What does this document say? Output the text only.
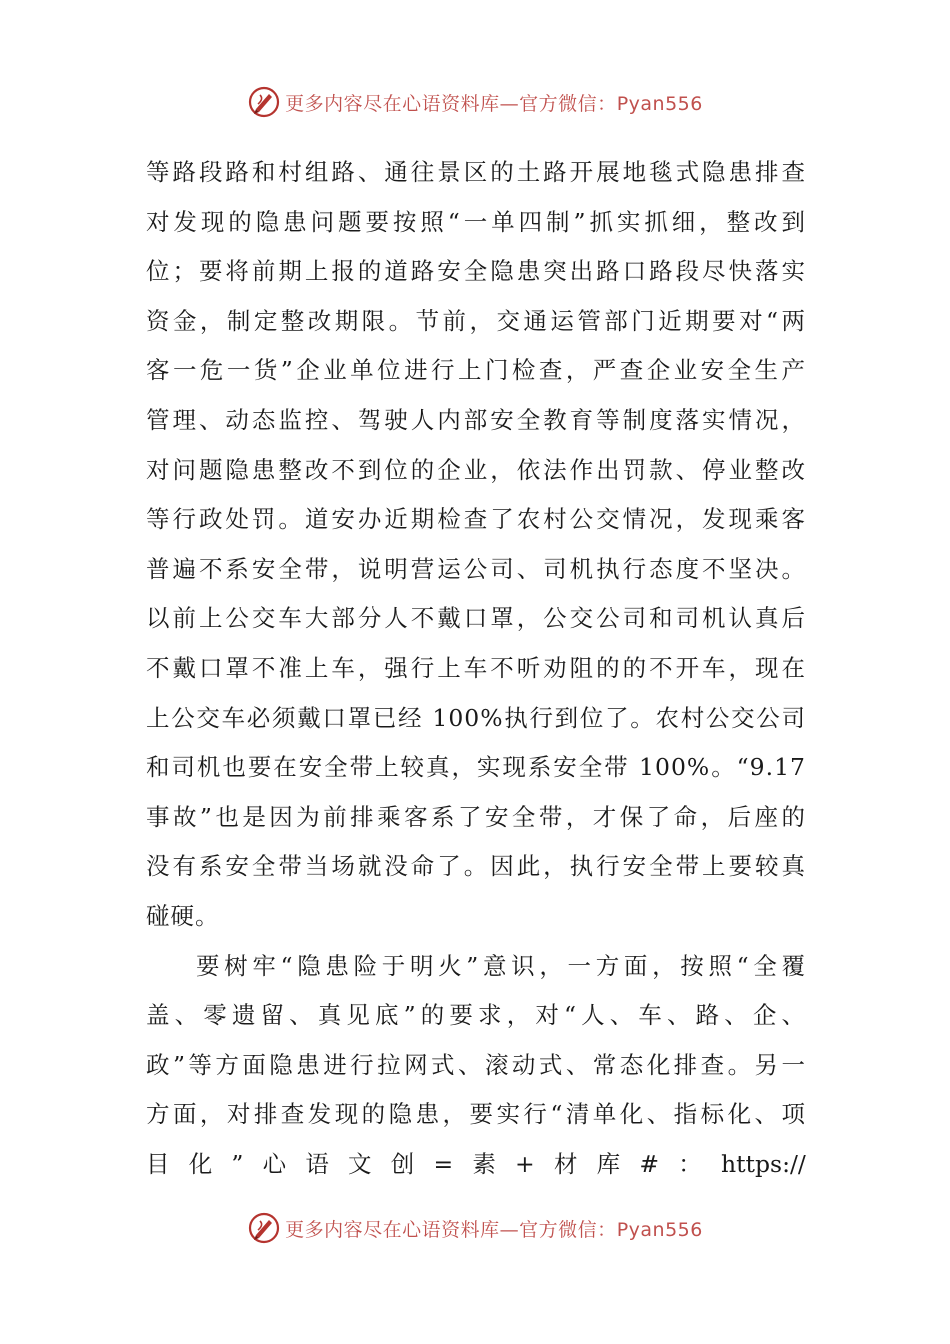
更多内容尽在心语资料库—官方微信：Pyan556
等路段路和村组路、通往景区的土路开展地毯式隐患排查
对发现的隐患问题要按照“一单四制”抓实抓细，整改到
位；要将前期上报的道路安全隐患突出路口路段尽快落实
资金，制定整改期限。节前，交通运管部门近期要对“两
客一危一货”企业单位进行上门检查，严查企业安全生产
管理、动态监控、驾驶人内部安全教育等制度落实情况，
对问题隐患整改不到位的企业，依法作出罚款、停业整改
等行政处罚。道安办近期检查了农村公交情况，发现乘客
普遍不系安全带，说明营运公司、司机执行态度不坚决。
以前上公交车大部分人不戴口罩，公交公司和司机认真后
不戴口罩不准上车，强行上车不听劝阻的的不开车，现在
上公交车必须戴口罩已经 100%执行到位了。农村公交公司
和司机也要在安全带上较真，实现系安全带 100%。“9.17
事故”也是因为前排乘客系了安全带，才保了命，后座的
没有系安全带当场就没命了。因此，执行安全带上要较真
碰硬。
要树牢“隐患险于明火”意识，一方面，按照“全覆
盖、零遗留、真见底”的要求，对“人、车、路、企、
政”等方面隐患进行拉网式、滚动式、常态化排查。另一
方面，对排查发现的隐患，要实行“清单化、指标化、项
目 化 ” 心 语 文 创 = 素 + 材 库 # ： https://
更多内容尽在心语资料库—官方微信：Pyan556
